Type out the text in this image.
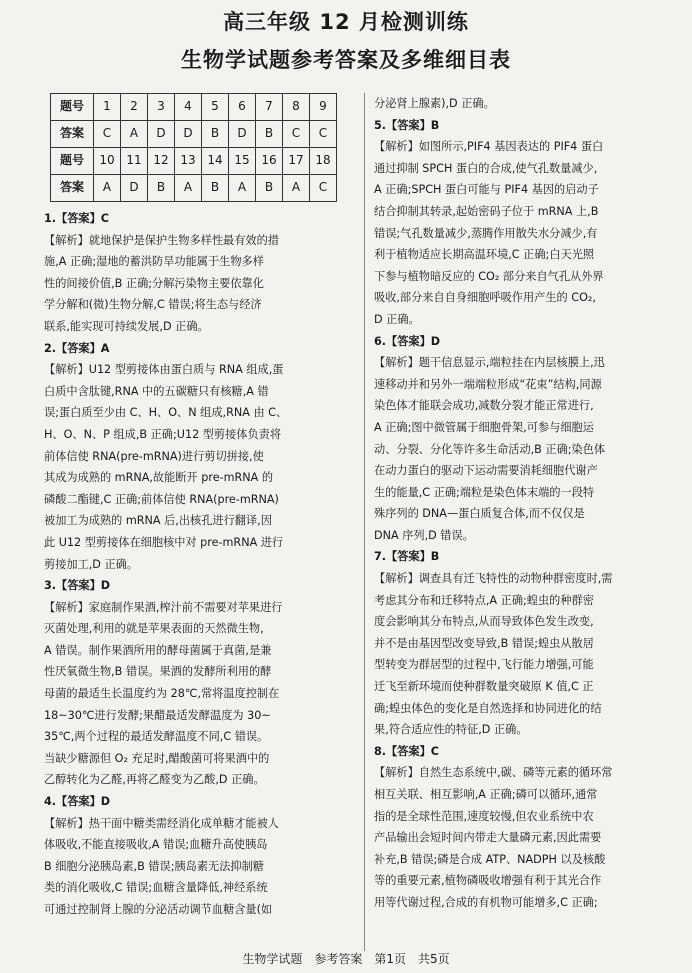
高三年级 12 月检测训练
生物学试题参考答案及多维细目表
题号	1	2	3	4	5	6	7	8	9
答案	C	A	D	D	B	D	B	C	C
题号	10	11	12	13	14	15	16	17	18
答案	A	D	B	A	B	A	B	A	C
1.【答案】C
【解析】就地保护是保护生物多样性最有效的措
施,A 正确;湿地的蓄洪防旱功能属于生物多样
性的间接价值,B 正确;分解污染物主要依靠化
学分解和(微)生物分解,C 错误;将生态与经济
联系,能实现可持续发展,D 正确。
2.【答案】A
【解析】U12 型剪接体由蛋白质与 RNA 组成,蛋
白质中含肽键,RNA 中的五碳糖只有核糖,A 错
误;蛋白质至少由 C、H、O、N 组成,RNA 由 C、
H、O、N、P 组成,B 正确;U12 型剪接体负责将
前体信使 RNA(pre-mRNA)进行剪切拼接,使
其成为成熟的 mRNA,故能断开 pre-mRNA 的
磷酸二酯键,C 正确;前体信使 RNA(pre-mRNA)
被加工为成熟的 mRNA 后,出核孔进行翻译,因
此 U12 型剪接体在细胞核中对 pre-mRNA 进行
剪接加工,D 正确。
3.【答案】D
【解析】家庭制作果酒,榨汁前不需要对苹果进行
灭菌处理,利用的就是苹果表面的天然微生物,
A 错误。制作果酒所用的酵母菌属于真菌,是兼
性厌氧微生物,B 错误。果酒的发酵所利用的酵
母菌的最适生长温度约为 28℃,常将温度控制在
18~30℃进行发酵;果醋最适发酵温度为 30~
35℃,两个过程的最适发酵温度不同,C 错误。
当缺少糖源但 O₂ 充足时,醋酸菌可将果酒中的
乙醇转化为乙醛,再将乙醛变为乙酸,D 正确。
4.【答案】D
【解析】热干面中糖类需经消化成单糖才能被人
体吸收,不能直接吸收,A 错误;血糖升高使胰岛
B 细胞分泌胰岛素,B 错误;胰岛素无法抑制糖
类的消化吸收,C 错误;血糖含量降低,神经系统
可通过控制肾上腺的分泌活动调节血糖含量(如
分泌肾上腺素),D 正确。
5.【答案】B
【解析】如图所示,PIF4 基因表达的 PIF4 蛋白
通过抑制 SPCH 蛋白的合成,使气孔数量减少,
A 正确;SPCH 蛋白可能与 PIF4 基因的启动子
结合抑制其转录,起始密码子位于 mRNA 上,B
错误;气孔数量减少,蒸腾作用散失水分减少,有
利于植物适应长期高温环境,C 正确;白天光照
下参与植物暗反应的 CO₂ 部分来自气孔从外界
吸收,部分来自自身细胞呼吸作用产生的 CO₂,
D 正确。
6.【答案】D
【解析】题干信息显示,端粒挂在内层核膜上,迅
速移动并和另外一端端粒形成“花束”结构,同源
染色体才能联会成功,减数分裂才能正常进行,
A 正确;图中微管属于细胞骨架,可参与细胞运
动、分裂、分化等许多生命活动,B 正确;染色体
在动力蛋白的驱动下运动需要消耗细胞代谢产
生的能量,C 正确;端粒是染色体末端的一段特
殊序列的 DNA—蛋白质复合体,而不仅仅是
DNA 序列,D 错误。
7.【答案】B
【解析】调查具有迁飞特性的动物种群密度时,需
考虑其分布和迁移特点,A 正确;蝗虫的种群密
度会影响其分布特点,从而导致体色发生改变,
并不是由基因型改变导致,B 错误;蝗虫从散居
型转变为群居型的过程中,飞行能力增强,可能
迁飞至新环境而使种群数量突破原 K 值,C 正
确;蝗虫体色的变化是自然选择和协同进化的结
果,符合适应性的特征,D 正确。
8.【答案】C
【解析】自然生态系统中,碳、磷等元素的循环常
相互关联、相互影响,A 正确;磷可以循环,通常
指的是全球性范围,速度较慢,但农业系统中农
产品输出会短时间内带走大量磷元素,因此需要
补充,B 错误;磷是合成 ATP、NADPH 以及核酸
等的重要元素,植物磷吸收增强有利于其光合作
用等代谢过程,合成的有机物可能增多,C 正确;
生物学试题　参考答案　第1页　共5页
